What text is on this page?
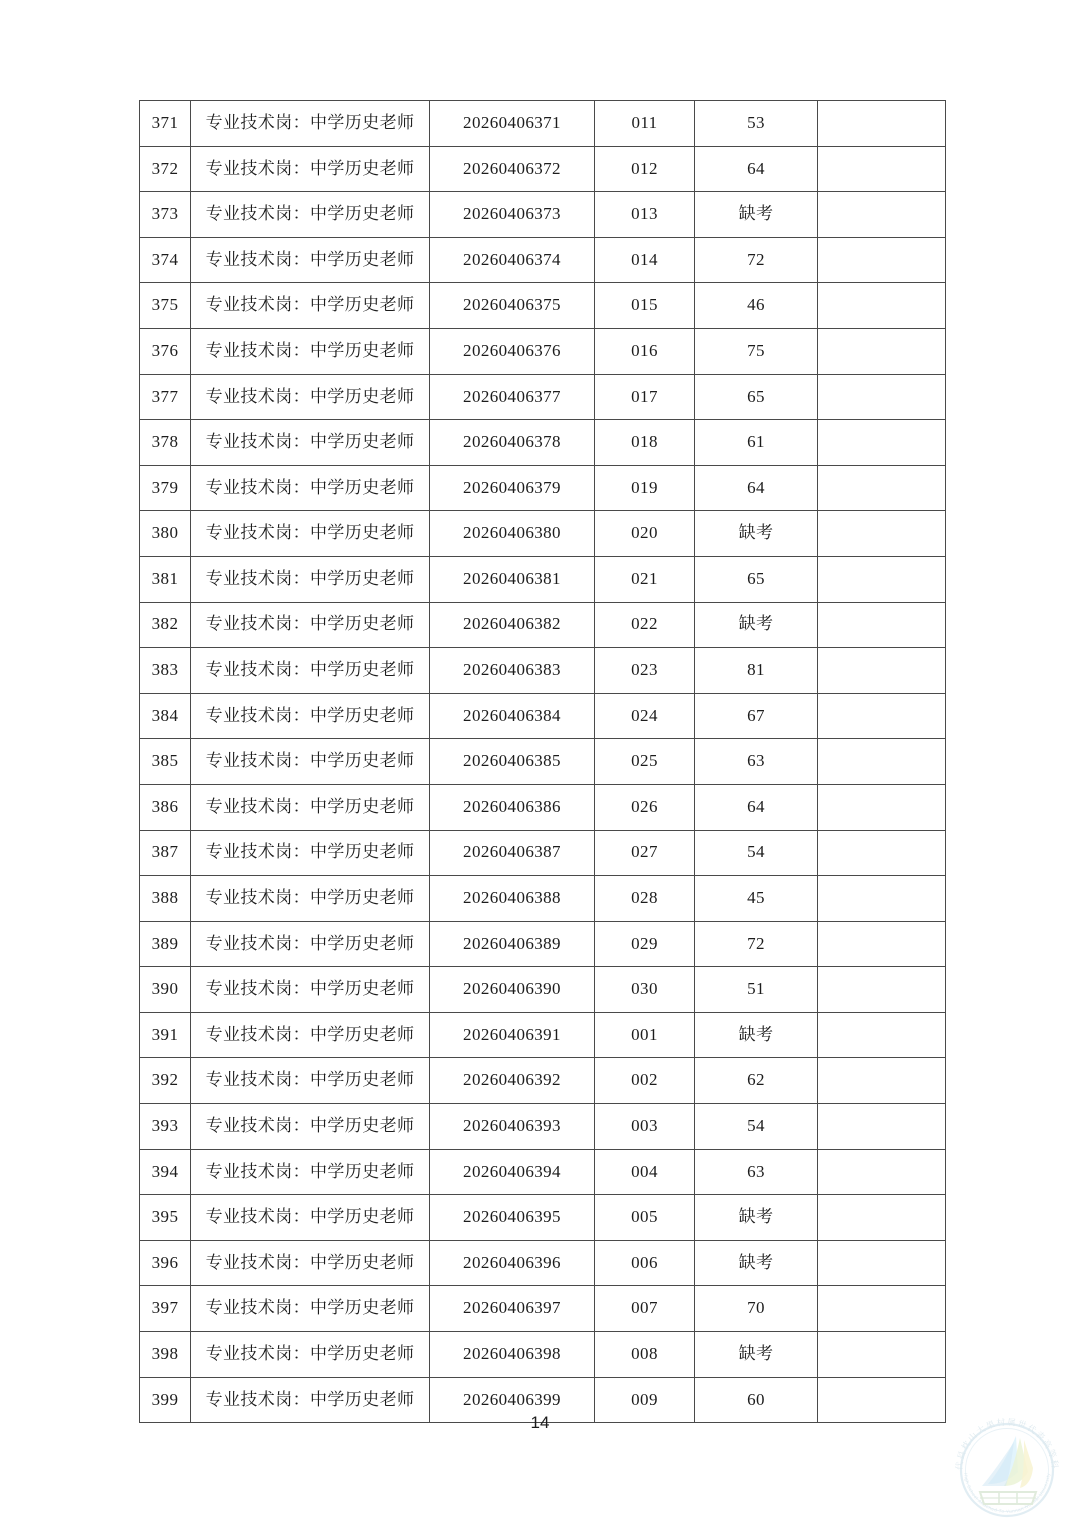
371	专业技术岗：中学历史老师	20260406371	011	53	
372	专业技术岗：中学历史老师	20260406372	012	64	
373	专业技术岗：中学历史老师	20260406373	013	缺考	
374	专业技术岗：中学历史老师	20260406374	014	72	
375	专业技术岗：中学历史老师	20260406375	015	46	
376	专业技术岗：中学历史老师	20260406376	016	75	
377	专业技术岗：中学历史老师	20260406377	017	65	
378	专业技术岗：中学历史老师	20260406378	018	61	
379	专业技术岗：中学历史老师	20260406379	019	64	
380	专业技术岗：中学历史老师	20260406380	020	缺考	
381	专业技术岗：中学历史老师	20260406381	021	65	
382	专业技术岗：中学历史老师	20260406382	022	缺考	
383	专业技术岗：中学历史老师	20260406383	023	81	
384	专业技术岗：中学历史老师	20260406384	024	67	
385	专业技术岗：中学历史老师	20260406385	025	63	
386	专业技术岗：中学历史老师	20260406386	026	64	
387	专业技术岗：中学历史老师	20260406387	027	54	
388	专业技术岗：中学历史老师	20260406388	028	45	
389	专业技术岗：中学历史老师	20260406389	029	72	
390	专业技术岗：中学历史老师	20260406390	030	51	
391	专业技术岗：中学历史老师	20260406391	001	缺考	
392	专业技术岗：中学历史老师	20260406392	002	62	
393	专业技术岗：中学历史老师	20260406393	003	54	
394	专业技术岗：中学历史老师	20260406394	004	63	
395	专业技术岗：中学历史老师	20260406395	005	缺考	
396	专业技术岗：中学历史老师	20260406396	006	缺考	
397	专业技术岗：中学历史老师	20260406397	007	70	
398	专业技术岗：中学历史老师	20260406398	008	缺考	
399	专业技术岗：中学历史老师	20260406399	009	60	
14
代县枕山大果村属世代表高等科
High School Attached To Yunnan Normal University
